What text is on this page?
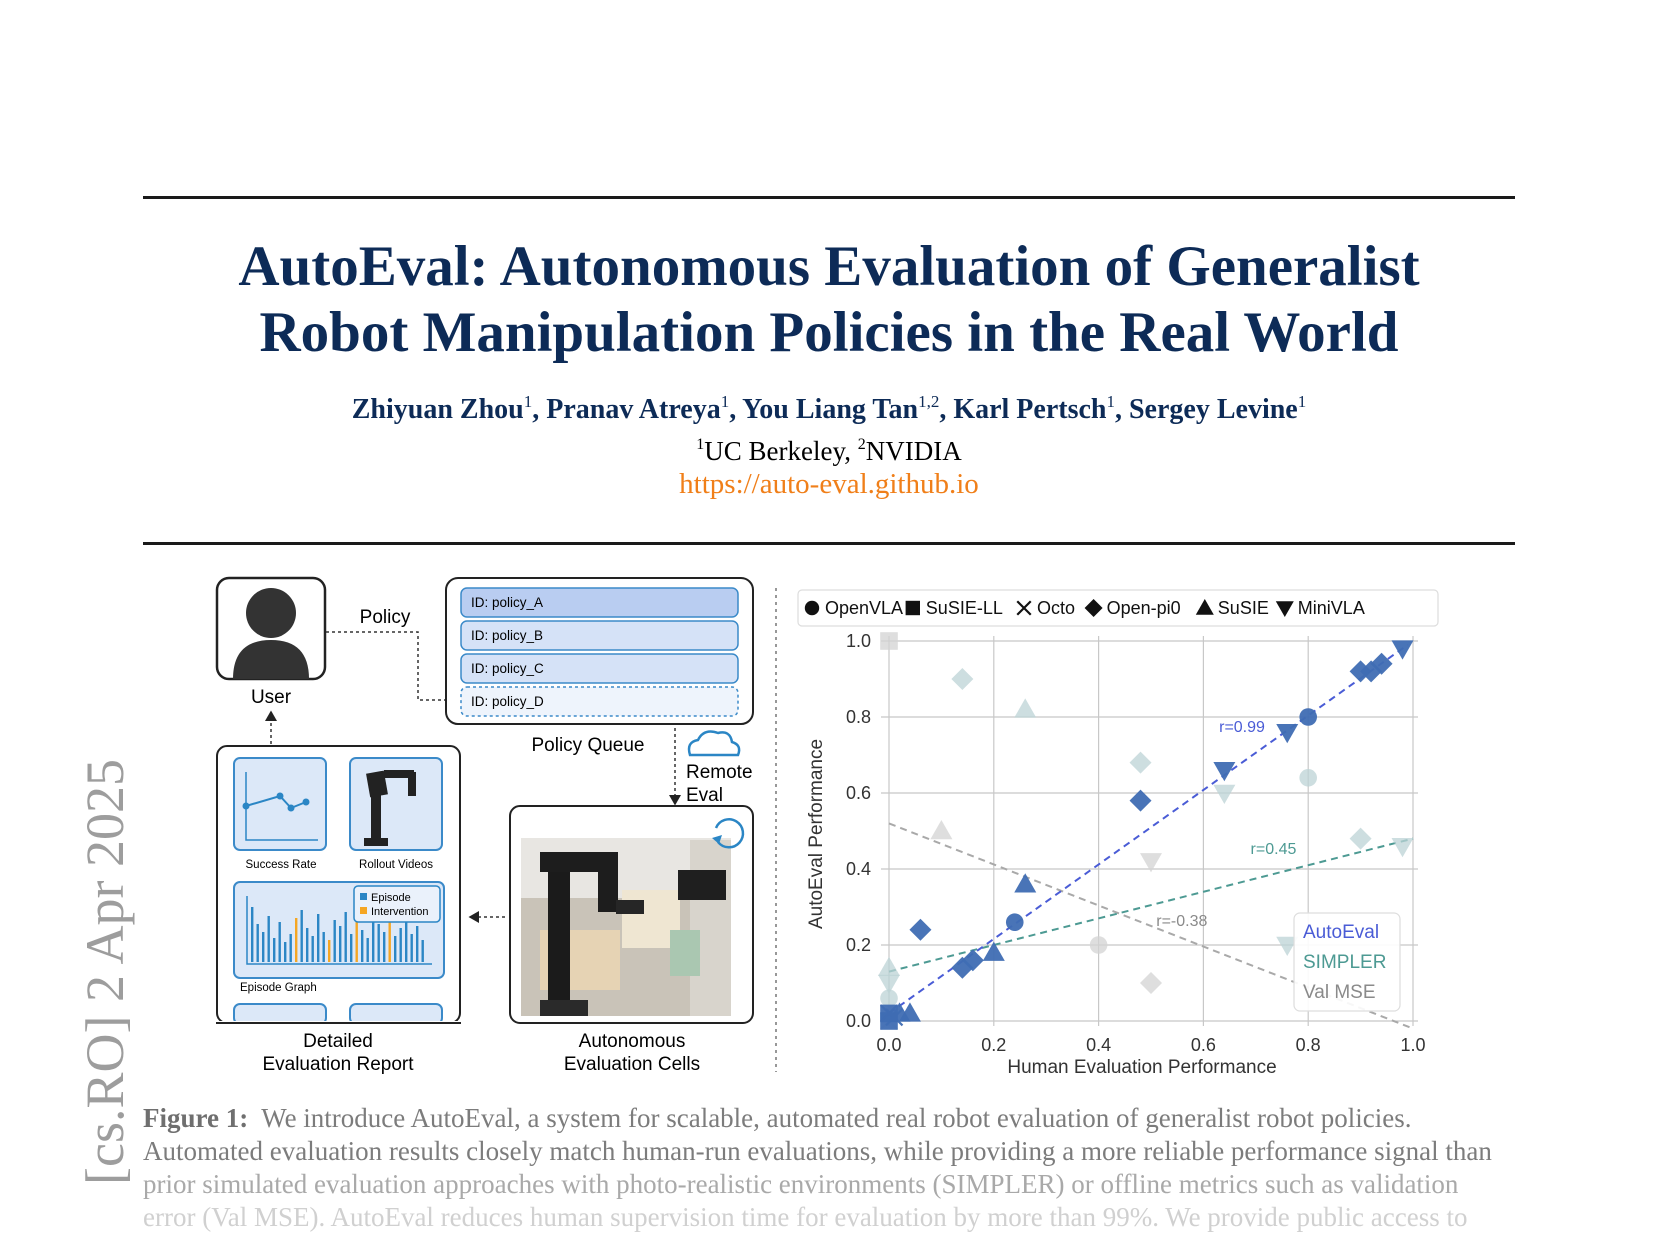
AutoEval: Autonomous Evaluation of Generalist
Robot Manipulation Policies in the Real World
Zhiyuan Zhou$^1$, Pranav Atreya$^1$, You Liang Tan$^{1,2}$, Karl Pertsch$^1$, Sergey Levine$^1$
$^1$UC Berkeley, $^2$NVIDIA
https://auto-eval.github.io
[cs.RO] 2 Apr 2025
User
Policy
ID: policy_A
ID: policy_B
ID: policy_C
ID: policy_D
Policy Queue
Remote
Eval
Success Rate	Rollout Videos
Episode
Intervention
Episode Graph
Detailed
Evaluation Report
Autonomous
Evaluation Cells
r=-0.38
r=0.45
r=0.99
0.0	0.2	0.4	0.6	0.8	1.0
0.0
0.2
0.4
0.6
0.8
1.0
Human Evaluation Performance
AutoEval Performance
OpenVLA SuSIE-LL Octo Open-pi0 SuSIE MiniVLA
AutoEval
SIMPLER
Val MSE
Figure 1: We introduce AutoEval, a system for scalable, automated real robot evaluation of generalist robot policies.
Automated evaluation results closely match human-run evaluations, while providing a more reliable performance signal than
prior simulated evaluation approaches with photo-realistic environments (SIMPLER) or offline metrics such as validation
error (Val MSE). AutoEval reduces human supervision time for evaluation by more than 99%. We provide public access to
